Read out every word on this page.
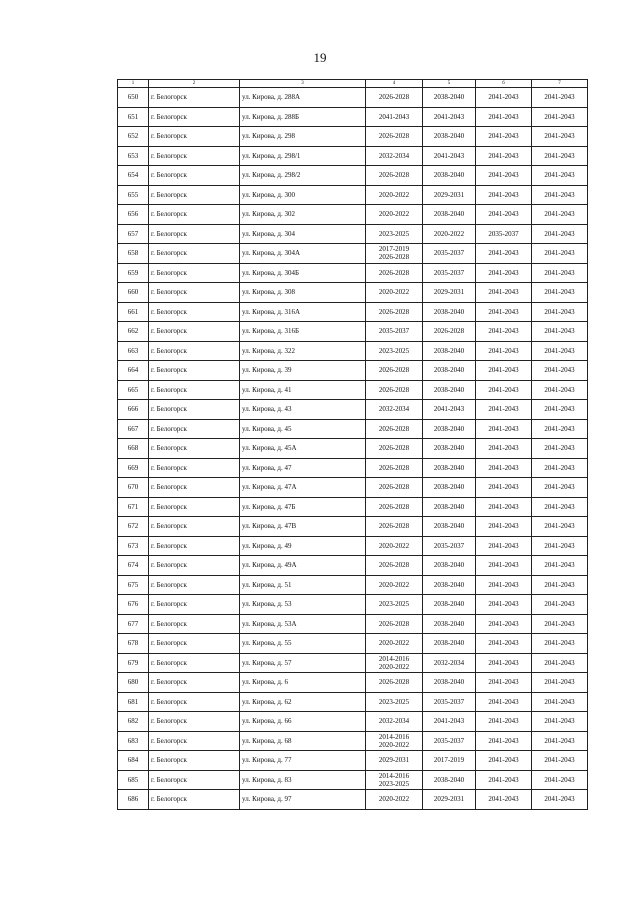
19
1	2	3	4	5	6	7
650	г. Белогорск	ул. Кирова, д. 288А	2026-2028	2038-2040	2041-2043	2041-2043
651	г. Белогорск	ул. Кирова, д. 288Б	2041-2043	2041-2043	2041-2043	2041-2043
652	г. Белогорск	ул. Кирова, д. 298	2026-2028	2038-2040	2041-2043	2041-2043
653	г. Белогорск	ул. Кирова, д. 298/1	2032-2034	2041-2043	2041-2043	2041-2043
654	г. Белогорск	ул. Кирова, д. 298/2	2026-2028	2038-2040	2041-2043	2041-2043
655	г. Белогорск	ул. Кирова, д. 300	2020-2022	2029-2031	2041-2043	2041-2043
656	г. Белогорск	ул. Кирова, д. 302	2020-2022	2038-2040	2041-2043	2041-2043
657	г. Белогорск	ул. Кирова, д. 304	2023-2025	2020-2022	2035-2037	2041-2043
658	г. Белогорск	ул. Кирова, д. 304А	2017-2019
2026-2028	2035-2037	2041-2043	2041-2043
659	г. Белогорск	ул. Кирова, д. 304Б	2026-2028	2035-2037	2041-2043	2041-2043
660	г. Белогорск	ул. Кирова, д. 308	2020-2022	2029-2031	2041-2043	2041-2043
661	г. Белогорск	ул. Кирова, д. 316А	2026-2028	2038-2040	2041-2043	2041-2043
662	г. Белогорск	ул. Кирова, д. 316Б	2035-2037	2026-2028	2041-2043	2041-2043
663	г. Белогорск	ул. Кирова, д. 322	2023-2025	2038-2040	2041-2043	2041-2043
664	г. Белогорск	ул. Кирова, д. 39	2026-2028	2038-2040	2041-2043	2041-2043
665	г. Белогорск	ул. Кирова, д. 41	2026-2028	2038-2040	2041-2043	2041-2043
666	г. Белогорск	ул. Кирова, д. 43	2032-2034	2041-2043	2041-2043	2041-2043
667	г. Белогорск	ул. Кирова, д. 45	2026-2028	2038-2040	2041-2043	2041-2043
668	г. Белогорск	ул. Кирова, д. 45А	2026-2028	2038-2040	2041-2043	2041-2043
669	г. Белогорск	ул. Кирова, д. 47	2026-2028	2038-2040	2041-2043	2041-2043
670	г. Белогорск	ул. Кирова, д. 47А	2026-2028	2038-2040	2041-2043	2041-2043
671	г. Белогорск	ул. Кирова, д. 47Б	2026-2028	2038-2040	2041-2043	2041-2043
672	г. Белогорск	ул. Кирова, д. 47В	2026-2028	2038-2040	2041-2043	2041-2043
673	г. Белогорск	ул. Кирова, д. 49	2020-2022	2035-2037	2041-2043	2041-2043
674	г. Белогорск	ул. Кирова, д. 49А	2026-2028	2038-2040	2041-2043	2041-2043
675	г. Белогорск	ул. Кирова, д. 51	2020-2022	2038-2040	2041-2043	2041-2043
676	г. Белогорск	ул. Кирова, д. 53	2023-2025	2038-2040	2041-2043	2041-2043
677	г. Белогорск	ул. Кирова, д. 53А	2026-2028	2038-2040	2041-2043	2041-2043
678	г. Белогорск	ул. Кирова, д. 55	2020-2022	2038-2040	2041-2043	2041-2043
679	г. Белогорск	ул. Кирова, д. 57	2014-2016
2020-2022	2032-2034	2041-2043	2041-2043
680	г. Белогорск	ул. Кирова, д. 6	2026-2028	2038-2040	2041-2043	2041-2043
681	г. Белогорск	ул. Кирова, д. 62	2023-2025	2035-2037	2041-2043	2041-2043
682	г. Белогорск	ул. Кирова, д. 66	2032-2034	2041-2043	2041-2043	2041-2043
683	г. Белогорск	ул. Кирова, д. 68	2014-2016
2020-2022	2035-2037	2041-2043	2041-2043
684	г. Белогорск	ул. Кирова, д. 77	2029-2031	2017-2019	2041-2043	2041-2043
685	г. Белогорск	ул. Кирова, д. 83	2014-2016
2023-2025	2038-2040	2041-2043	2041-2043
686	г. Белогорск	ул. Кирова, д. 97	2020-2022	2029-2031	2041-2043	2041-2043
